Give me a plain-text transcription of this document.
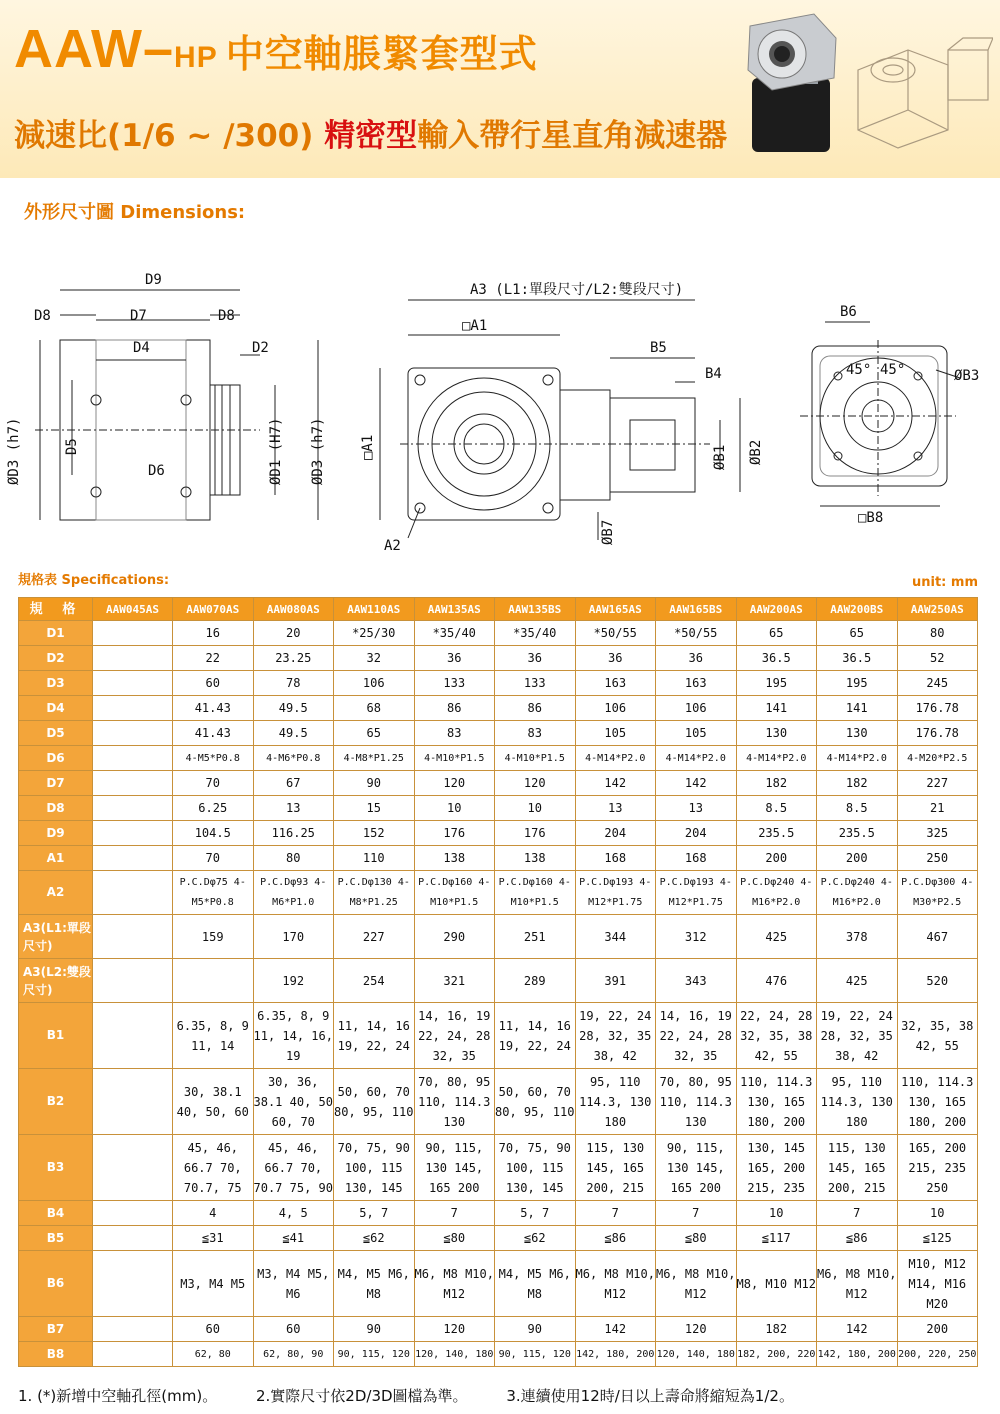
AAW–HP 中空軸脹緊套型式
減速比(1/6 ~ /300) 精密型輸入帶行星直角減速器
外形尺寸圖 Dimensions:
D9
D8	D7	D8
D4	D2
D6
ØD3 (h7)	D5	ØD1 (H7) ØD3 (h7)
A3 (L1:單段尺寸/L2:雙段尺寸)
□A1
B5
B4
A2
□A1
ØB7
ØB1 ØB2
B6
45° 45°	ØB3
□B8
規格表 Specifications:	unit: mm
規 格	AAW045AS	AAW070AS	AAW080AS	AAW110AS	AAW135AS	AAW135BS	AAW165AS	AAW165BS	AAW200AS	AAW200BS	AAW250AS
D1		16	20	*25/30	*35/40	*35/40	*50/55	*50/55	65	65	80
D2		22	23.25	32	36	36	36	36	36.5	36.5	52
D3		60	78	106	133	133	163	163	195	195	245
D4		41.43	49.5	68	86	86	106	106	141	141	176.78
D5		41.43	49.5	65	83	83	105	105	130	130	176.78
D6		4-M5*P0.8	4-M6*P0.8	4-M8*P1.25	4-M10*P1.5	4-M10*P1.5	4-M14*P2.0	4-M14*P2.0	4-M14*P2.0	4-M14*P2.0	4-M20*P2.5
D7		70	67	90	120	120	142	142	182	182	227
D8		6.25	13	15	10	10	13	13	8.5	8.5	21
D9		104.5	116.25	152	176	176	204	204	235.5	235.5	325
A1		70	80	110	138	138	168	168	200	200	250
A2		P.C.Dφ75 4-M5*P0.8	P.C.Dφ93 4-M6*P1.0	P.C.Dφ130 4-M8*P1.25	P.C.Dφ160 4-M10*P1.5	P.C.Dφ160 4-M10*P1.5	P.C.Dφ193 4-M12*P1.75	P.C.Dφ193 4-M12*P1.75	P.C.Dφ240 4-M16*P2.0	P.C.Dφ240 4-M16*P2.0	P.C.Dφ300 4-M30*P2.5
A3(L1:單段尺寸)		159	170	227	290	251	344	312	425	378	467
A3(L2:雙段尺寸)			192	254	321	289	391	343	476	425	520
B1		6.35, 8, 9 11, 14	6.35, 8, 9 11, 14, 16, 19	11, 14, 16 19, 22, 24	14, 16, 19 22, 24, 28 32, 35	11, 14, 16 19, 22, 24	19, 22, 24 28, 32, 35 38, 42	14, 16, 19 22, 24, 28 32, 35	22, 24, 28 32, 35, 38 42, 55	19, 22, 24 28, 32, 35 38, 42	32, 35, 38 42, 55
B2		30, 38.1 40, 50, 60	30, 36, 38.1 40, 50 60, 70	50, 60, 70 80, 95, 110	70, 80, 95 110, 114.3 130	50, 60, 70 80, 95, 110	95, 110 114.3, 130 180	70, 80, 95 110, 114.3 130	110, 114.3 130, 165 180, 200	95, 110 114.3, 130 180	110, 114.3 130, 165 180, 200
B3		45, 46, 66.7 70, 70.7, 75	45, 46, 66.7 70, 70.7 75, 90	70, 75, 90 100, 115 130, 145	90, 115, 130 145, 165 200	70, 75, 90 100, 115 130, 145	115, 130 145, 165 200, 215	90, 115, 130 145, 165 200	130, 145 165, 200 215, 235	115, 130 145, 165 200, 215	165, 200 215, 235 250
B4		4	4, 5	5, 7	7	5, 7	7	7	10	7	10
B5		≦31	≦41	≦62	≦80	≦62	≦86	≦80	≦117	≦86	≦125
B6		M3, M4 M5	M3, M4 M5, M6	M4, M5 M6, M8	M6, M8 M10, M12	M4, M5 M6, M8	M6, M8 M10, M12	M6, M8 M10, M12	M8, M10 M12	M6, M8 M10, M12	M10, M12 M14, M16 M20
B7		60	60	90	120	90	142	120	182	142	200
B8		62, 80	62, 80, 90	90, 115, 120	120, 140, 180	90, 115, 120	142, 180, 200	120, 140, 180	182, 200, 220	142, 180, 200	200, 220, 250
1. (*)新增中空軸孔徑(mm)。	2.實際尺寸依2D/3D圖檔為準。	3.連續使用12時/日以上壽命將縮短為1/2。
